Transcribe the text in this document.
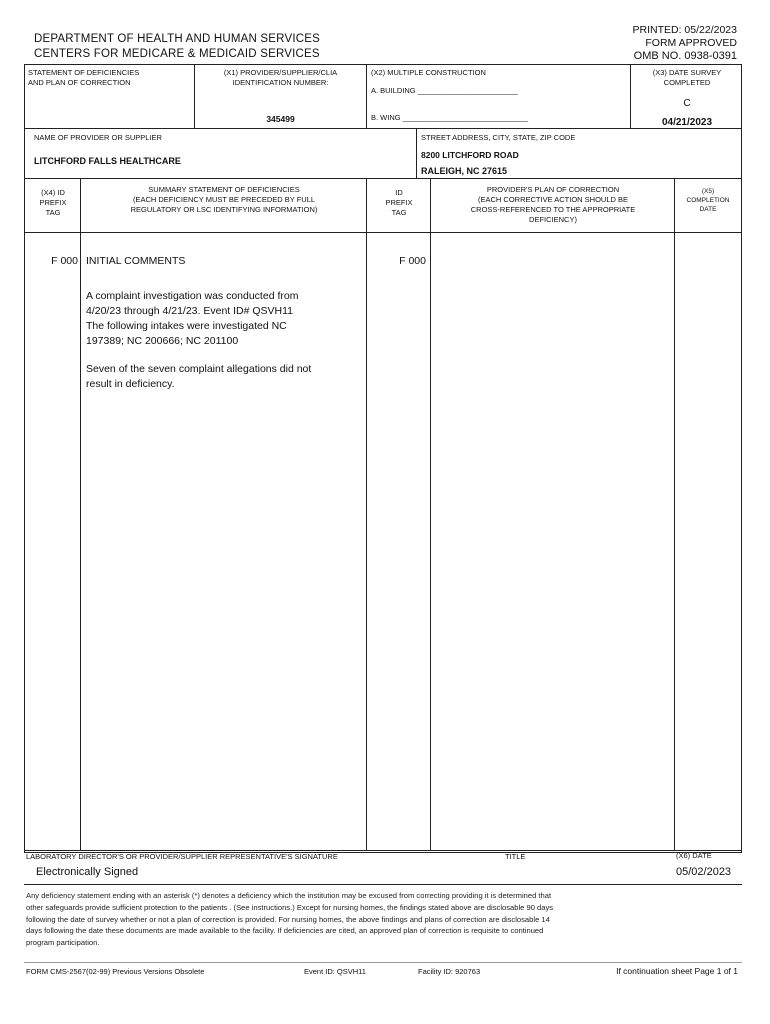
DEPARTMENT OF HEALTH AND HUMAN SERVICES
CENTERS FOR MEDICARE & MEDICAID SERVICES
PRINTED: 05/22/2023
FORM APPROVED
OMB NO. 0938-0391
STATEMENT OF DEFICIENCIES
AND PLAN OF CORRECTION
(X1) PROVIDER/SUPPLIER/CLIA
IDENTIFICATION NUMBER:
345499
(X2) MULTIPLE CONSTRUCTION
A. BUILDING ________________________
B. WING ______________________________
(X3) DATE SURVEY
COMPLETED
C
04/21/2023
NAME OF PROVIDER OR SUPPLIER
LITCHFORD FALLS HEALTHCARE
STREET ADDRESS, CITY, STATE, ZIP CODE
8200 LITCHFORD ROAD
RALEIGH, NC 27615
(X4) ID
PREFIX
TAG
SUMMARY STATEMENT OF DEFICIENCIES
(EACH DEFICIENCY MUST BE PRECEDED BY FULL
REGULATORY OR LSC IDENTIFYING INFORMATION)
ID
PREFIX
TAG
PROVIDER'S PLAN OF CORRECTION
(EACH CORRECTIVE ACTION SHOULD BE
CROSS-REFERENCED TO THE APPROPRIATE
DEFICIENCY)
(X5)
COMPLETION
DATE
F 000 INITIAL COMMENTS
A complaint investigation was conducted from
4/20/23 through 4/21/23. Event ID# QSVH11
The following intakes were investigated NC
197389; NC 200666; NC 201100
Seven of the seven complaint allegations did not
result in deficiency.
F 000
LABORATORY DIRECTOR'S OR PROVIDER/SUPPLIER REPRESENTATIVE'S SIGNATURE
Electronically Signed
TITLE	(X6) DATE
05/02/2023
Any deficiency statement ending with an asterisk (*) denotes a deficiency which the institution may be excused from correcting providing it is determined that
other safeguards provide sufficient protection to the patients . (See instructions.) Except for nursing homes, the findings stated above are disclosable 90 days
following the date of survey whether or not a plan of correction is provided. For nursing homes, the above findings and plans of correction are disclosable 14
days following the date these documents are made available to the facility. If deficiencies are cited, an approved plan of correction is requisite to continued
program participation.
FORM CMS-2567(02-99) Previous Versions Obsolete	Event ID: QSVH11	Facility ID: 920763	If continuation sheet Page 1 of 1
